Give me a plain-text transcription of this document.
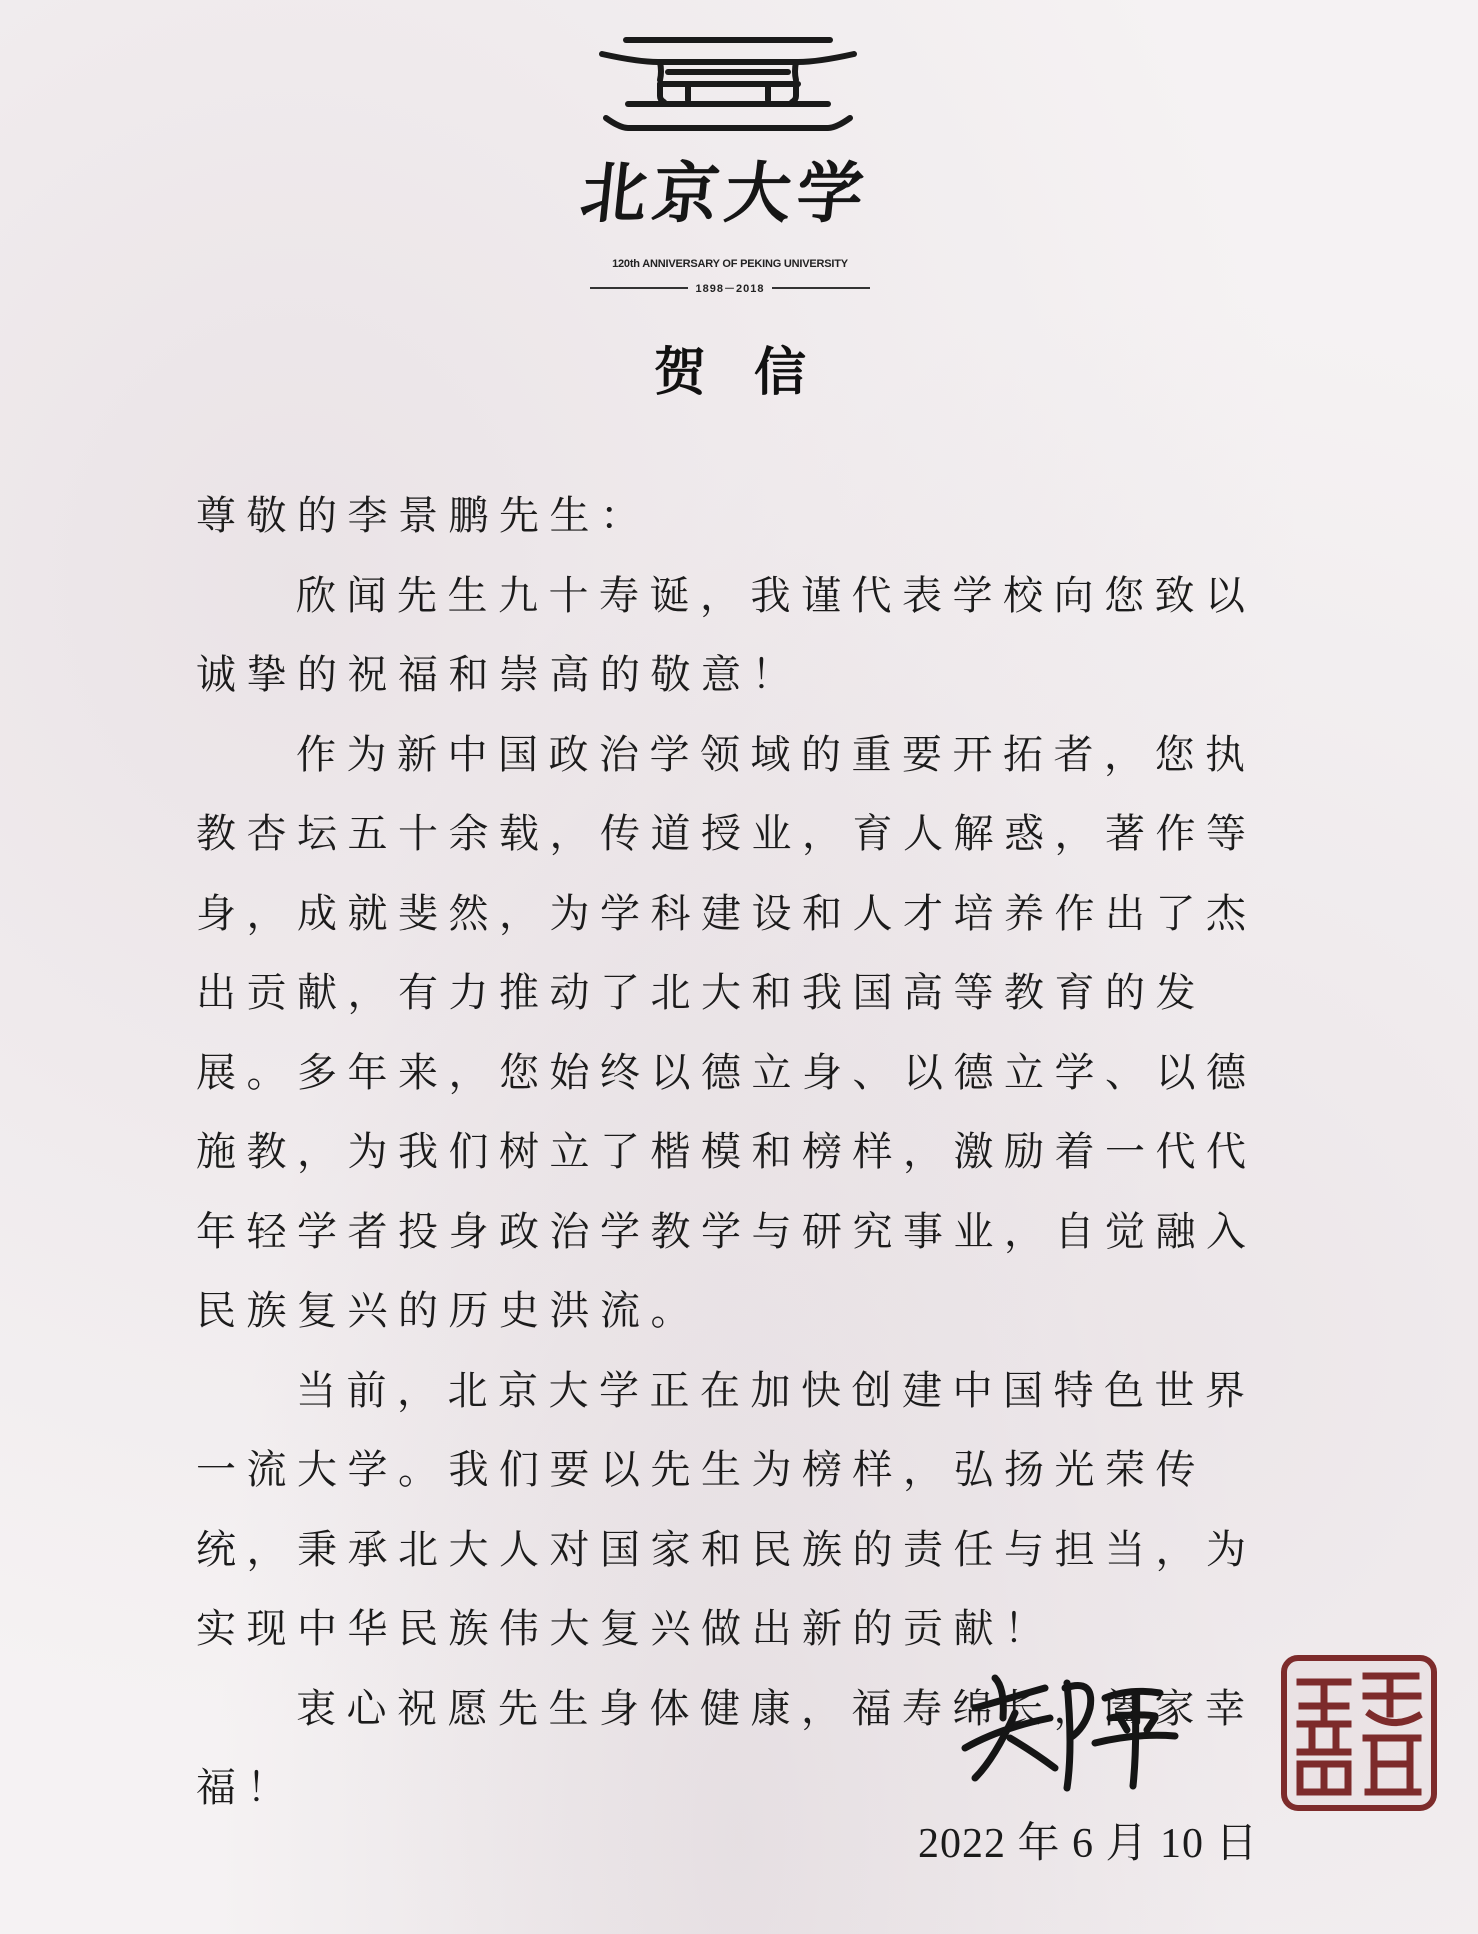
北京大学
120th ANNIVERSARY OF PEKING UNIVERSITY
1898－2018
贺信

尊敬的李景鹏先生：

欣闻先生九十寿诞，我谨代表学校向您致以诚挚的祝福和崇高的敬意！

作为新中国政治学领域的重要开拓者，您执教杏坛五十余载，传道授业，育人解惑，著作等身，成就斐然，为学科建设和人才培养作出了杰出贡献，有力推动了北大和我国高等教育的发展。多年来，您始终以德立身、以德立学、以德施教，为我们树立了楷模和榜样，激励着一代代年轻学者投身政治学教学与研究事业，自觉融入民族复兴的历史洪流。

当前，北京大学正在加快创建中国特色世界一流大学。我们要以先生为榜样，弘扬光荣传统，秉承北大人对国家和民族的责任与担当，为实现中华民族伟大复兴做出新的贡献！

衷心祝愿先生身体健康，福寿绵长，阖家幸福！

2022 年 6 月 10 日
